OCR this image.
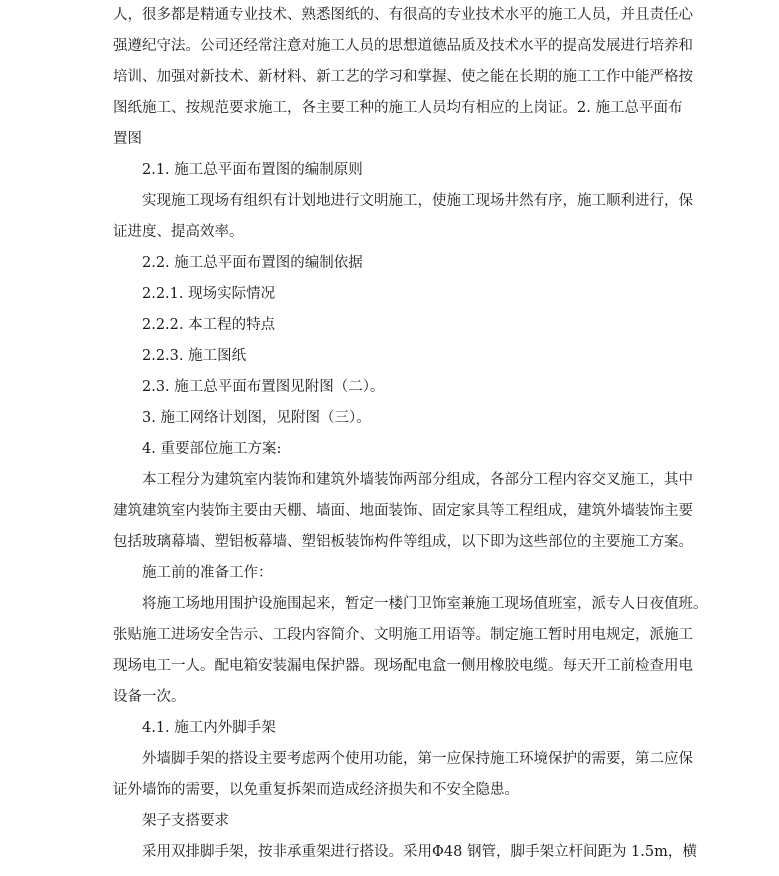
人，很多都是精通专业技术、熟悉图纸的、有很高的专业技术水平的施工人员，并且责任心
强遵纪守法。公司还经常注意对施工人员的思想道德品质及技术水平的提高发展进行培养和
培训、加强对新技术、新材料、新工艺的学习和掌握、使之能在长期的施工工作中能严格按
图纸施工、按规范要求施工，各主要工种的施工人员均有相应的上岗证。2. 施工总平面布
置图
2.1. 施工总平面布置图的编制原则
实现施工现场有组织有计划地进行文明施工，使施工现场井然有序，施工顺利进行，保
证进度、提高效率。
2.2. 施工总平面布置图的编制依据
2.2.1. 现场实际情况
2.2.2. 本工程的特点
2.2.3. 施工图纸
2.3. 施工总平面布置图见附图（二）。
3. 施工网络计划图，见附图（三）。
4. 重要部位施工方案:
本工程分为建筑室内装饰和建筑外墙装饰两部分组成，各部分工程内容交叉施工，其中
建筑建筑室内装饰主要由天棚、墙面、地面装饰、固定家具等工程组成，建筑外墙装饰主要
包括玻璃幕墙、塑铝板幕墙、塑铝板装饰构件等组成，以下即为这些部位的主要施工方案。
施工前的准备工作：
将施工场地用围护设施围起来，暂定一楼门卫饰室兼施工现场值班室，派专人日夜值班。
张贴施工进场安全告示、工段内容简介、文明施工用语等。制定施工暂时用电规定，派施工
现场电工一人。配电箱安装漏电保护器。现场配电盒一侧用橡胶电缆。每天开工前检查用电
设备一次。
4.1. 施工内外脚手架
外墙脚手架的搭设主要考虑两个使用功能，第一应保持施工环境保护的需要，第二应保
证外墙饰的需要，以免重复拆架而造成经济损失和不安全隐患。
架子支搭要求
采用双排脚手架，按非承重架进行搭设。采用Φ48 钢管，脚手架立杆间距为 1.5m，横
